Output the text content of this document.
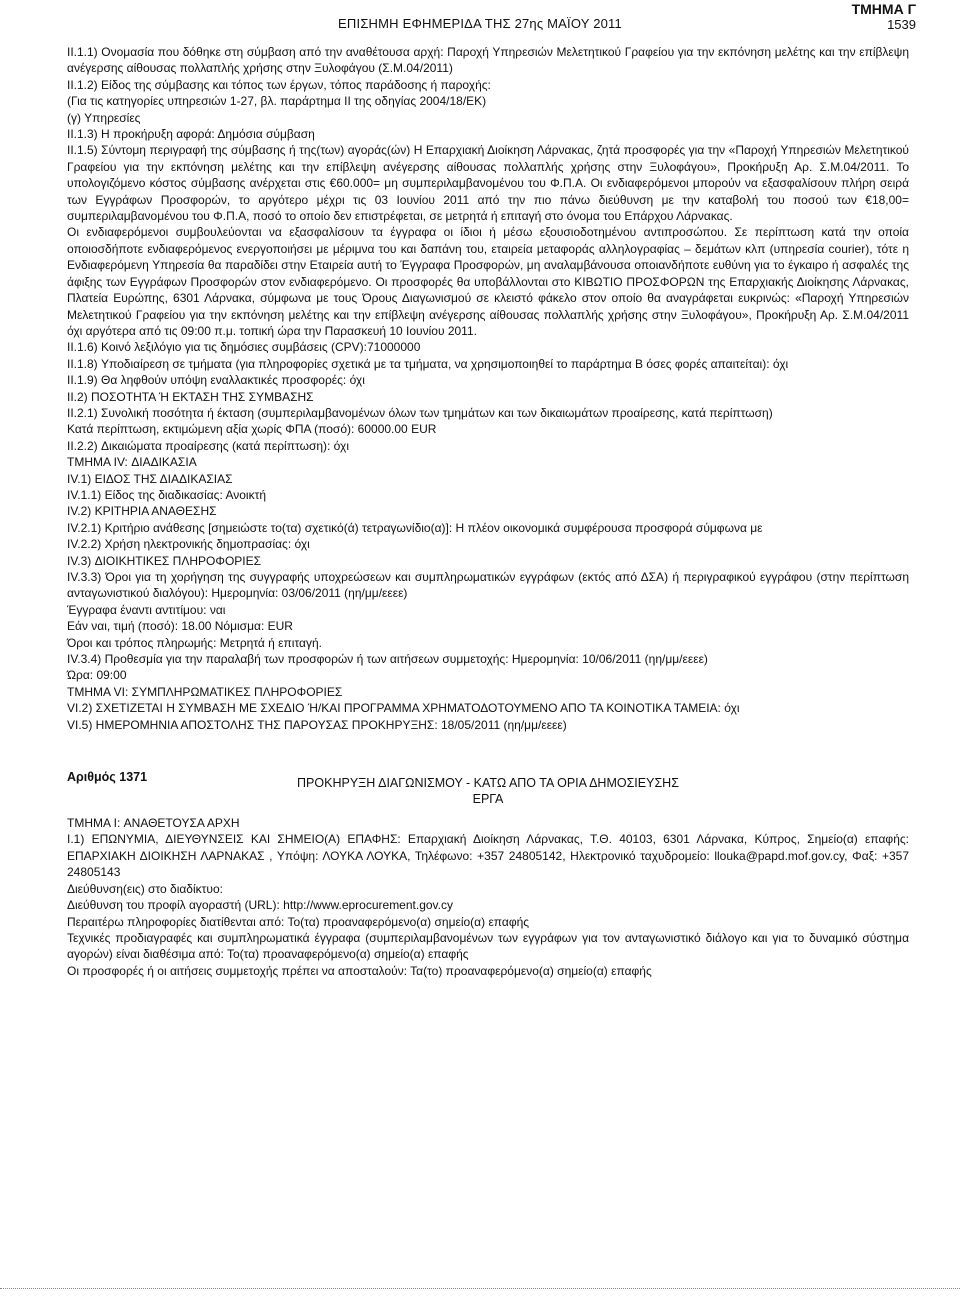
ΤΜΗΜΑ Γ
ΕΠΙΣΗΜΗ ΕΦΗΜΕΡΙΔΑ ΤΗΣ 27ης ΜΑΪΟΥ 2011	1539

II.1.1) Ονομασία που δόθηκε στη σύμβαση από την αναθέτουσα αρχή: Παροχή Υπηρεσιών Μελετητικού Γραφείου για την εκπόνηση μελέτης και την επίβλεψη ανέγερσης αίθουσας πολλαπλής χρήσης στην Ξυλοφάγου (Σ.Μ.04/2011)

II.1.2) Είδος της σύμβασης και τόπος των έργων, τόπος παράδοσης ή παροχής:

(Για τις κατηγορίες υπηρεσιών 1-27, βλ. παράρτημα II της οδηγίας 2004/18/ΕΚ)

(γ) Υπηρεσίες

II.1.3) Η προκήρυξη αφορά: Δημόσια σύμβαση

II.1.5) Σύντομη περιγραφή της σύμβασης ή της(των) αγοράς(ών) Η Επαρχιακή Διοίκηση Λάρνακας, ζητά προσφορές για την «Παροχή Υπηρεσιών Μελετητικού Γραφείου για την εκπόνηση μελέτης και την επίβλεψη ανέγερσης αίθουσας πολλαπλής χρήσης στην Ξυλοφάγου», Προκήρυξη Αρ. Σ.Μ.04/2011. Το υπολογιζόμενο κόστος σύμβασης ανέρχεται στις €60.000= μη συμπεριλαμβανομένου του Φ.Π.Α. Οι ενδιαφερόμενοι μπορούν να εξασφαλίσουν πλήρη σειρά των Εγγράφων Προσφορών, το αργότερο μέχρι τις 03 Ιουνίου 2011 από την πιο πάνω διεύθυνση με την καταβολή του ποσού των €18,00= συμπεριλαμβανομένου του Φ.Π.Α, ποσό το οποίο δεν επιστρέφεται, σε μετρητά ή επιταγή στο όνομα του Επάρχου Λάρνακας.

Οι ενδιαφερόμενοι συμβουλεύονται να εξασφαλίσουν τα έγγραφα οι ίδιοι ή μέσω εξουσιοδοτημένου αντιπροσώπου. Σε περίπτωση κατά την οποία οποιοσδήποτε ενδιαφερόμενος ενεργοποιήσει με μέριμνα του και δαπάνη του, εταιρεία μεταφοράς αλληλογραφίας – δεμάτων κλπ (υπηρεσία courier), τότε η Ενδιαφερόμενη Υπηρεσία θα παραδίδει στην Εταιρεία αυτή το Έγγραφα Προσφορών, μη αναλαμβάνουσα οποιανδήποτε ευθύνη για το έγκαιρο ή ασφαλές της άφιξης των Εγγράφων Προσφορών στον ενδιαφερόμενο. Οι προσφορές θα υποβάλλονται στο ΚΙΒΩΤΙΟ ΠΡΟΣΦΟΡΩΝ της Επαρχιακής Διοίκησης Λάρνακας, Πλατεία Ευρώπης, 6301 Λάρνακα, σύμφωνα με τους Όρους Διαγωνισμού σε κλειστό φάκελο στον οποίο θα αναγράφεται ευκρινώς: «Παροχή Υπηρεσιών Μελετητικού Γραφείου για την εκπόνηση μελέτης και την επίβλεψη ανέγερσης αίθουσας πολλαπλής χρήσης στην Ξυλοφάγου», Προκήρυξη Αρ. Σ.Μ.04/2011 όχι αργότερα από τις 09:00 π.μ. τοπική ώρα την Παρασκευή 10 Ιουνίου 2011.

II.1.6) Κοινό λεξιλόγιο για τις δημόσιες συμβάσεις (CPV):71000000

II.1.8) Υποδιαίρεση σε τμήματα (για πληροφορίες σχετικά με τα τμήματα, να χρησιμοποιηθεί το παράρτημα Β όσες φορές απαιτείται): όχι

II.1.9) Θα ληφθούν υπόψη εναλλακτικές προσφορές: όχι

II.2) ΠΟΣΟΤΗΤΑ Ή ΕΚΤΑΣΗ ΤΗΣ ΣΥΜΒΑΣΗΣ

II.2.1) Συνολική ποσότητα ή έκταση (συμπεριλαμβανομένων όλων των τμημάτων και των δικαιωμάτων προαίρεσης, κατά περίπτωση)

Κατά περίπτωση, εκτιμώμενη αξία χωρίς ΦΠΑ (ποσό): 60000.00 EUR

II.2.2) Δικαιώματα προαίρεσης (κατά περίπτωση): όχι

ΤΜΗΜΑ IV: ΔΙΑΔΙΚΑΣΙΑ

IV.1) ΕΙΔΟΣ ΤΗΣ ΔΙΑΔΙΚΑΣΙΑΣ

IV.1.1) Είδος της διαδικασίας: Ανοικτή

IV.2) ΚΡΙΤΗΡΙΑ ΑΝΑΘΕΣΗΣ

IV.2.1) Κριτήριο ανάθεσης [σημειώστε το(τα) σχετικό(ά) τετραγωνίδιο(α)]: Η πλέον οικονομικά συμφέρουσα προσφορά σύμφωνα με

IV.2.2) Χρήση ηλεκτρονικής δημοπρασίας: όχι

IV.3) ΔΙΟΙΚΗΤΙΚΕΣ ΠΛΗΡΟΦΟΡΙΕΣ

IV.3.3) Όροι για τη χορήγηση της συγγραφής υποχρεώσεων και συμπληρωματικών εγγράφων (εκτός από ΔΣΑ) ή περιγραφικού εγγράφου (στην περίπτωση ανταγωνιστικού διαλόγου): Ημερομηνία: 03/06/2011 (ηη/μμ/εεεε)

Έγγραφα έναντι αντιτίμου: ναι

Εάν ναι, τιμή (ποσό): 18.00 Νόμισμα: EUR

Όροι και τρόπος πληρωμής: Μετρητά ή επιταγή.

IV.3.4) Προθεσμία για την παραλαβή των προσφορών ή των αιτήσεων συμμετοχής: Ημερομηνία: 10/06/2011 (ηη/μμ/εεεε)

Ώρα: 09:00

ΤΜΗΜΑ VI: ΣΥΜΠΛΗΡΩΜΑΤΙΚΕΣ ΠΛΗΡΟΦΟΡΙΕΣ

VI.2) ΣΧΕΤΙΖΕΤΑΙ Η ΣΥΜΒΑΣΗ ΜΕ ΣΧΕΔΙΟ Ή/ΚΑΙ ΠΡΟΓΡΑΜΜΑ ΧΡΗΜΑΤΟΔΟΤΟΥΜΕΝΟ ΑΠΟ ΤΑ ΚΟΙΝΟΤΙΚΑ ΤΑΜΕΙΑ: όχι

VI.5) ΗΜΕΡΟΜΗΝΙΑ ΑΠΟΣΤΟΛΗΣ ΤΗΣ ΠΑΡΟΥΣΑΣ ΠΡΟΚΗΡΥΞΗΣ: 18/05/2011 (ηη/μμ/εεεε)

Αριθμός 1371	ΠΡΟΚΗΡΥΞΗ ΔΙΑΓΩΝΙΣΜΟΥ - ΚΑΤΩ ΑΠΟ ΤΑ ΟΡΙΑ ΔΗΜΟΣΙΕΥΣΗΣ
ΕΡΓΑ

ΤΜΗΜΑ I: ΑΝΑΘΕΤΟΥΣΑ ΑΡΧΗ

I.1) ΕΠΩΝΥΜΙΑ, ΔΙΕΥΘΥΝΣΕΙΣ ΚΑΙ ΣΗΜΕΙΟ(Α) ΕΠΑΦΗΣ: Επαρχιακή Διοίκηση Λάρνακας, Τ.Θ. 40103, 6301 Λάρνακα, Κύπρος, Σημείο(α) επαφής: ΕΠΑΡΧΙΑΚΗ ΔΙΟΙΚΗΣΗ ΛΑΡΝΑΚΑΣ , Υπόψη: ΛΟΥΚΑ ΛΟΥΚΑ, Τηλέφωνο: +357 24805142, Ηλεκτρονικό ταχυδρομείο: llouka@papd.mof.gov.cy, Φαξ: +357 24805143

Διεύθυνση(εις) στο διαδίκτυο:

Διεύθυνση του προφίλ αγοραστή (URL): http://www.eprocurement.gov.cy

Περαιτέρω πληροφορίες διατίθενται από: Το(τα) προαναφερόμενο(α) σημείο(α) επαφής

Τεχνικές προδιαγραφές και συμπληρωματικά έγγραφα (συμπεριλαμβανομένων των εγγράφων για τον ανταγωνιστικό διάλογο και για το δυναμικό σύστημα αγορών) είναι διαθέσιμα από: Το(τα) προαναφερόμενο(α) σημείο(α) επαφής

Οι προσφορές ή οι αιτήσεις συμμετοχής πρέπει να αποσταλούν: Τα(το) προαναφερόμενο(α) σημείο(α) επαφής
